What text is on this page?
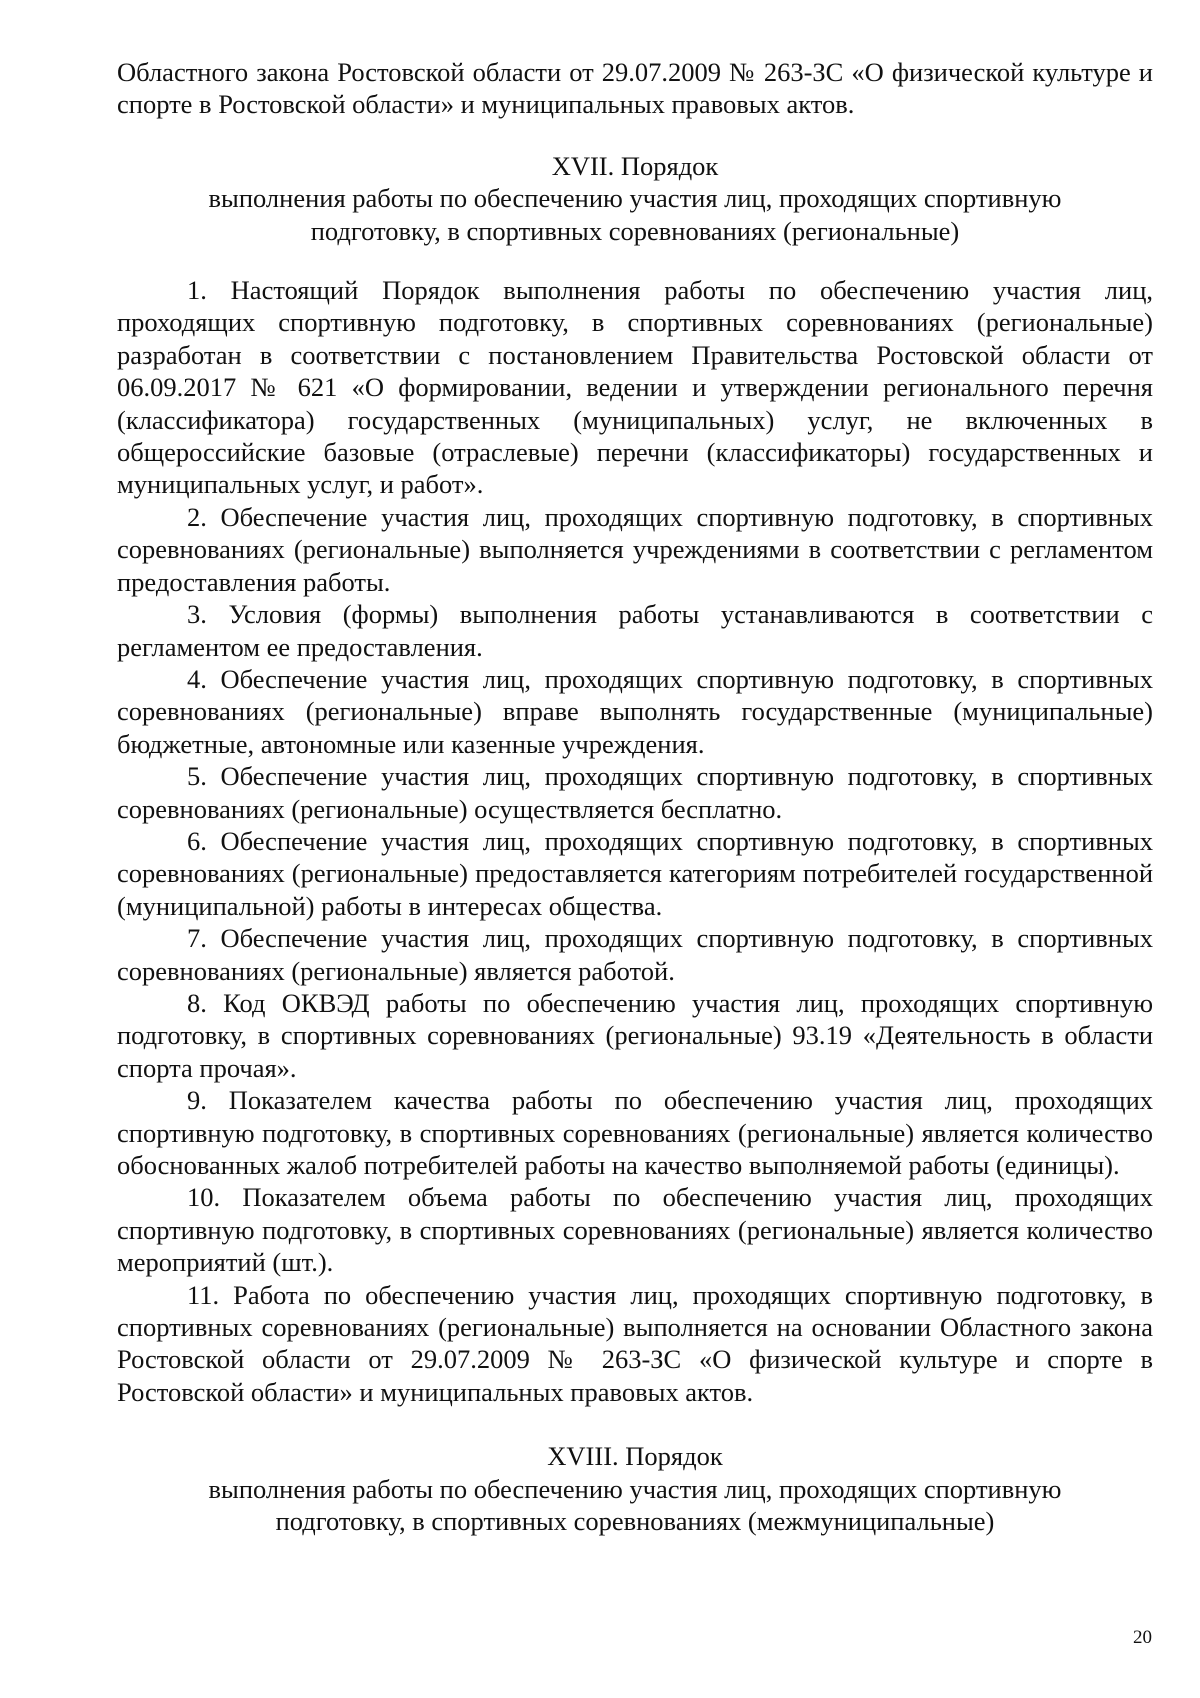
Областного закона Ростовской области от 29.07.2009 № 263-ЗС «О физической культуре и спорте в Ростовской области» и муниципальных правовых актов.

XVII. Порядок
выполнения работы по обеспечению участия лиц, проходящих спортивную подготовку, в спортивных соревнованиях (региональные)

1. Настоящий Порядок выполнения работы по обеспечению участия лиц, проходящих спортивную подготовку, в спортивных соревнованиях (региональные) разработан в соответствии с постановлением Правительства Ростовской области от 06.09.2017 № 621 «О формировании, ведении и утверждении регионального перечня (классификатора) государственных (муниципальных) услуг, не включенных в общероссийские базовые (отраслевые) перечни (классификаторы) государственных и муниципальных услуг, и работ».

2. Обеспечение участия лиц, проходящих спортивную подготовку, в спортивных соревнованиях (региональные) выполняется учреждениями в соответствии с регламентом предоставления работы.

3. Условия (формы) выполнения работы устанавливаются в соответствии с регламентом ее предоставления.

4. Обеспечение участия лиц, проходящих спортивную подготовку, в спортивных соревнованиях (региональные) вправе выполнять государственные (муниципальные) бюджетные, автономные или казенные учреждения.

5. Обеспечение участия лиц, проходящих спортивную подготовку, в спортивных соревнованиях (региональные) осуществляется бесплатно.

6. Обеспечение участия лиц, проходящих спортивную подготовку, в спортивных соревнованиях (региональные) предоставляется категориям потребителей государственной (муниципальной) работы в интересах общества.

7. Обеспечение участия лиц, проходящих спортивную подготовку, в спортивных соревнованиях (региональные) является работой.

8. Код ОКВЭД работы по обеспечению участия лиц, проходящих спортивную подготовку, в спортивных соревнованиях (региональные) 93.19 «Деятельность в области спорта прочая».

9. Показателем качества работы по обеспечению участия лиц, проходящих спортивную подготовку, в спортивных соревнованиях (региональные) является количество обоснованных жалоб потребителей работы на качество выполняемой работы (единицы).

10. Показателем объема работы по обеспечению участия лиц, проходящих спортивную подготовку, в спортивных соревнованиях (региональные) является количество мероприятий (шт.).

11. Работа по обеспечению участия лиц, проходящих спортивную подготовку, в спортивных соревнованиях (региональные) выполняется на основании Областного закона Ростовской области от 29.07.2009 № 263-ЗС «О физической культуре и спорте в Ростовской области» и муниципальных правовых актов.

XVIII. Порядок
выполнения работы по обеспечению участия лиц, проходящих спортивную
подготовку, в спортивных соревнованиях (межмуниципальные)
20
